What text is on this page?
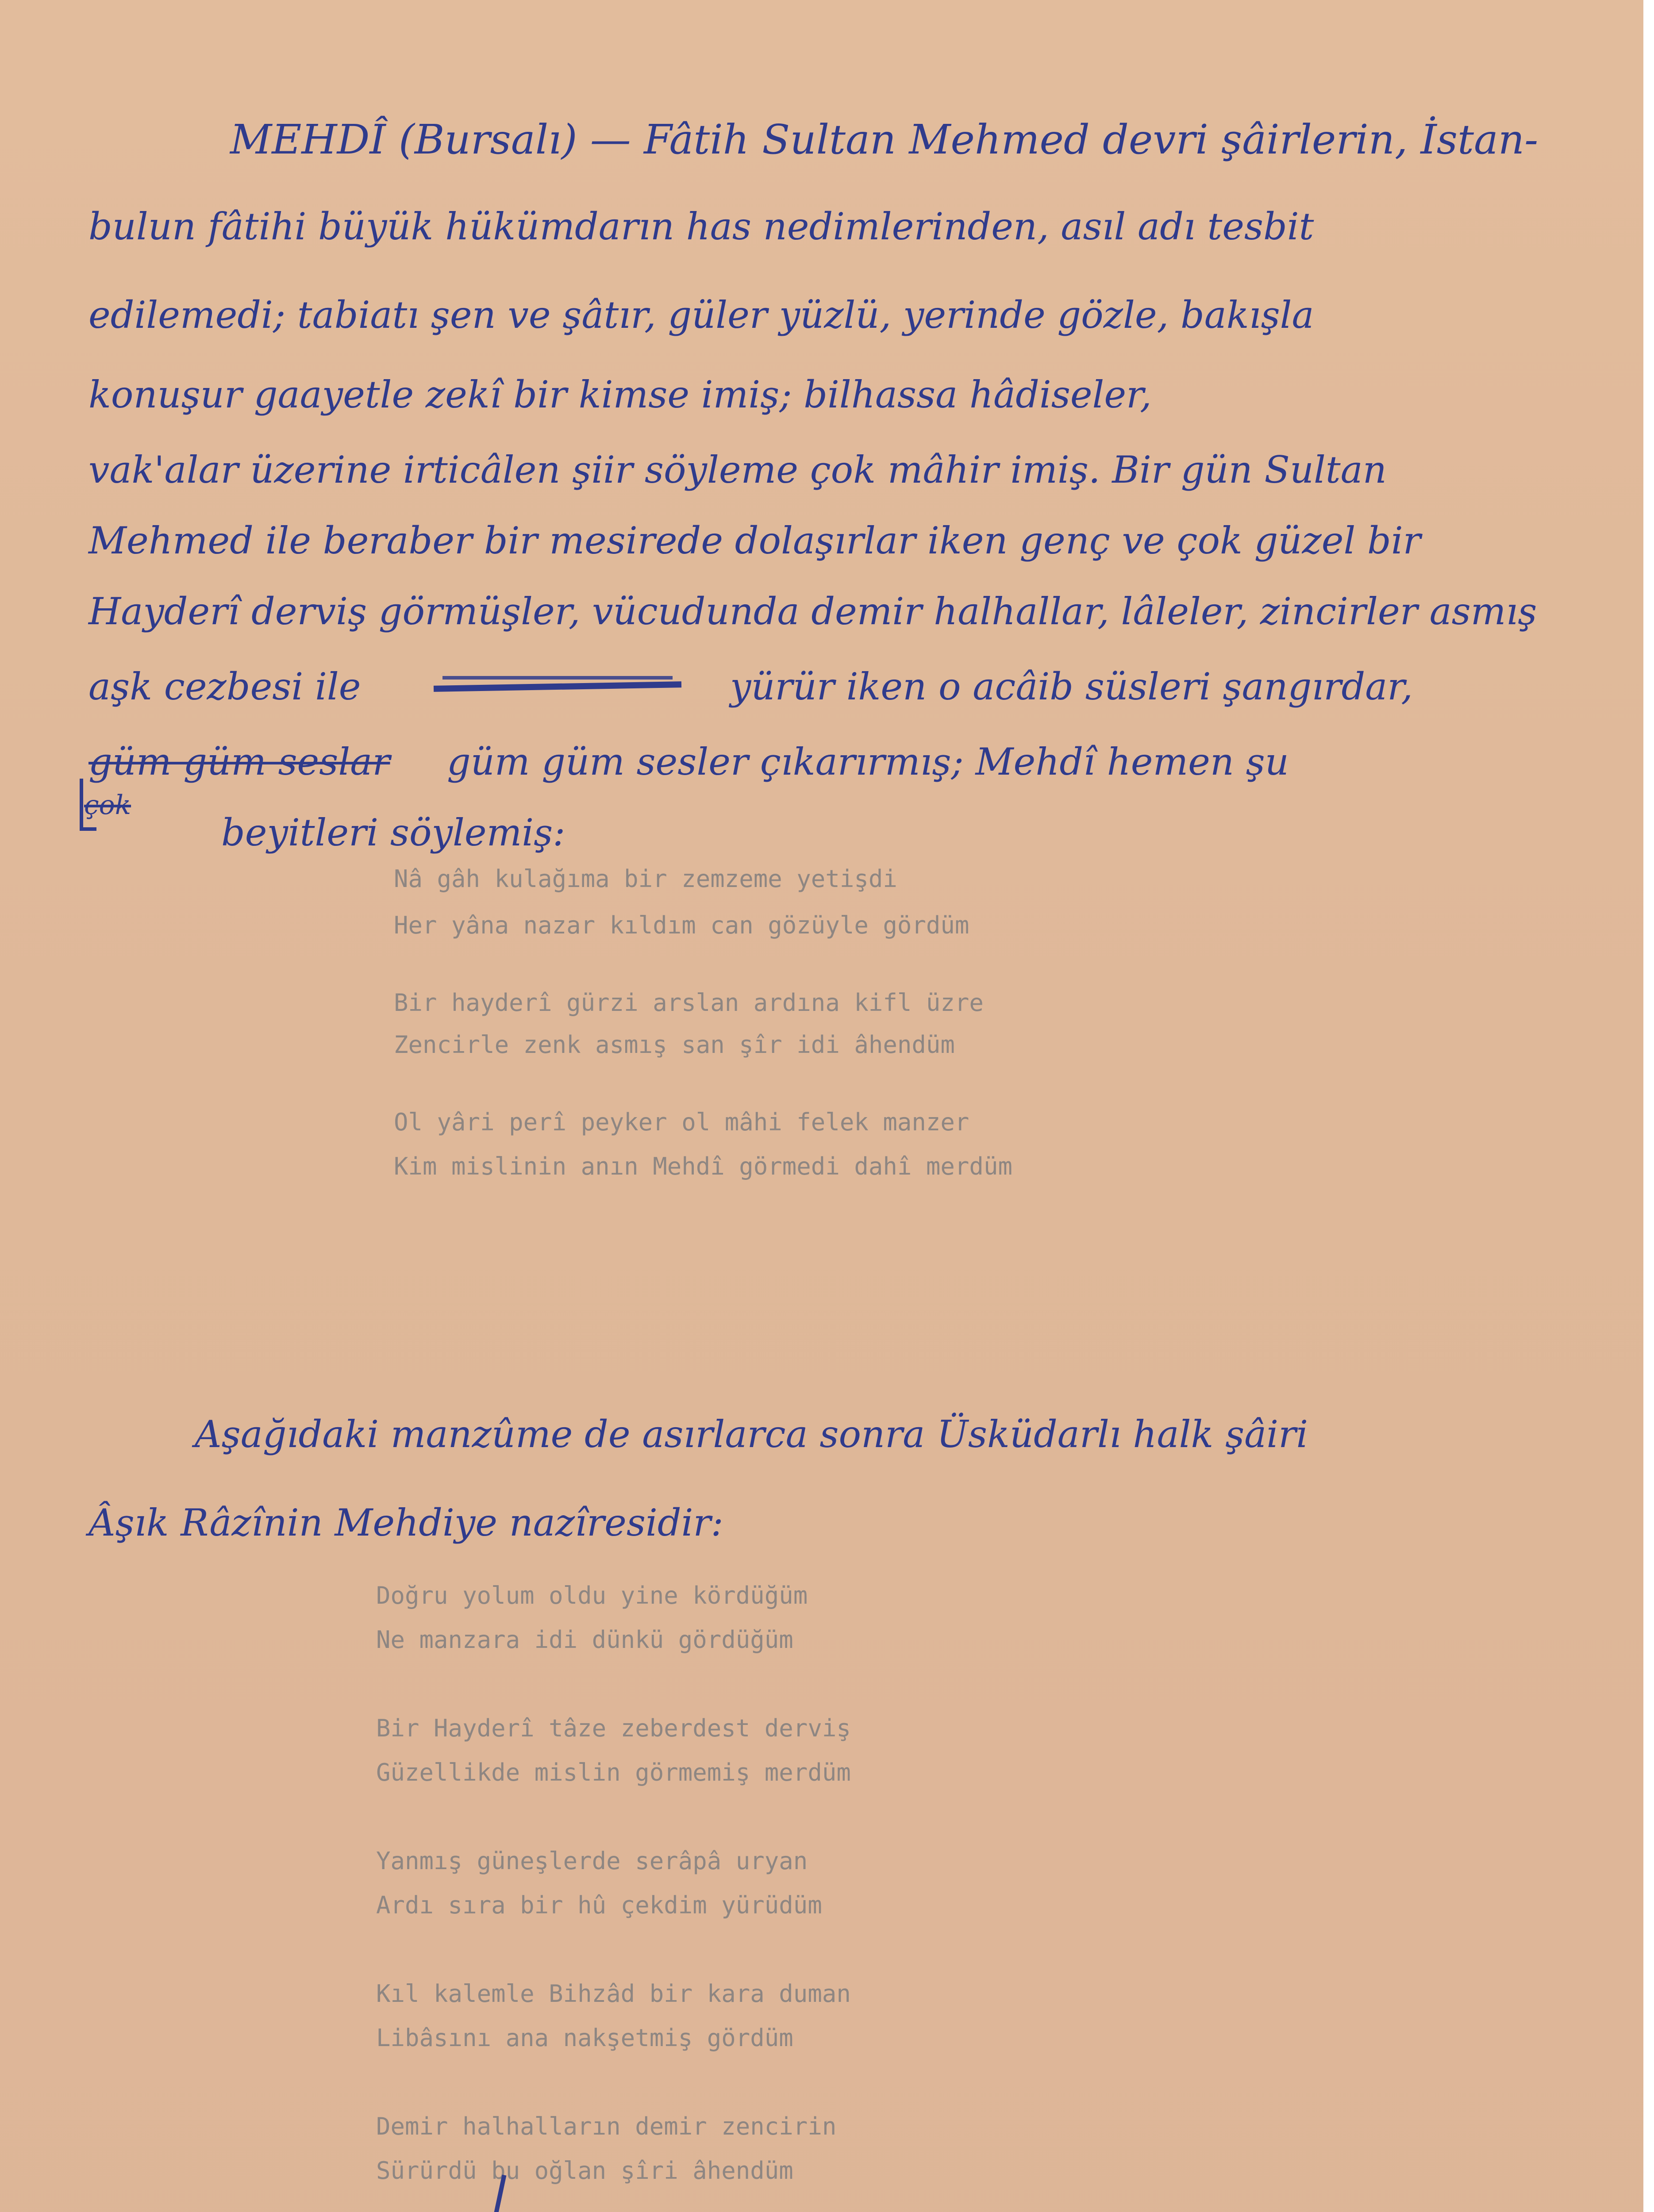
MEHDÎ (Bursalı) — Fâtih Sultan Mehmed devri şâirlerin, İstan-
bulun fâtihi büyük hükümdarın has nedimlerinden, asıl adı tesbit
edilemedi; tabiatı şen ve şâtır, güler yüzlü, yerinde gözle, bakışla
konuşur gaayetle zekî bir kimse imiş; bilhassa hâdiseler,
vak'alar üzerine irticâlen şiir söyleme çok mâhir imiş. Bir gün Sultan
Mehmed ile beraber bir mesirede dolaşırlar iken genç ve çok güzel bir
Hayderî derviş görmüşler, vücudunda demir halhallar, lâleler, zincirler asmış
aşk cezbesi ile	yürür iken o acâib süsleri şangırdar,
güm güm seslar güm güm sesler çıkarırmış; Mehdî hemen şu
çok
beyitleri söylemiş:
Nâ gâh kulağıma bir zemzeme yetişdi
Her yâna nazar kıldım can gözüyle gördüm
Bir hayderî gürzi arslan ardına kifl üzre
Zencirle zenk asmış san şîr idi âhendüm
Ol yâri perî peyker ol mâhi felek manzer
Kim mislinin anın Mehdî görmedi dahî merdüm
Aşağıdaki manzûme de asırlarca sonra Üsküdarlı halk şâiri
Âşık Râzînin Mehdiye nazîresidir:
Doğru yolum oldu yine kördüğüm
Ne manzara idi dünkü gördüğüm
Bir Hayderî tâze zeberdest derviş
Güzellikde mislin görmemiş merdüm
Yanmış güneşlerde serâpâ uryan
Ardı sıra bir hû çekdim yürüdüm
Kıl kalemle Bihzâd bir kara duman
Libâsını ana nakşetmiş gördüm
Demir halhalların demir zencirin
Sürürdü bu oğlan şîri âhendüm
